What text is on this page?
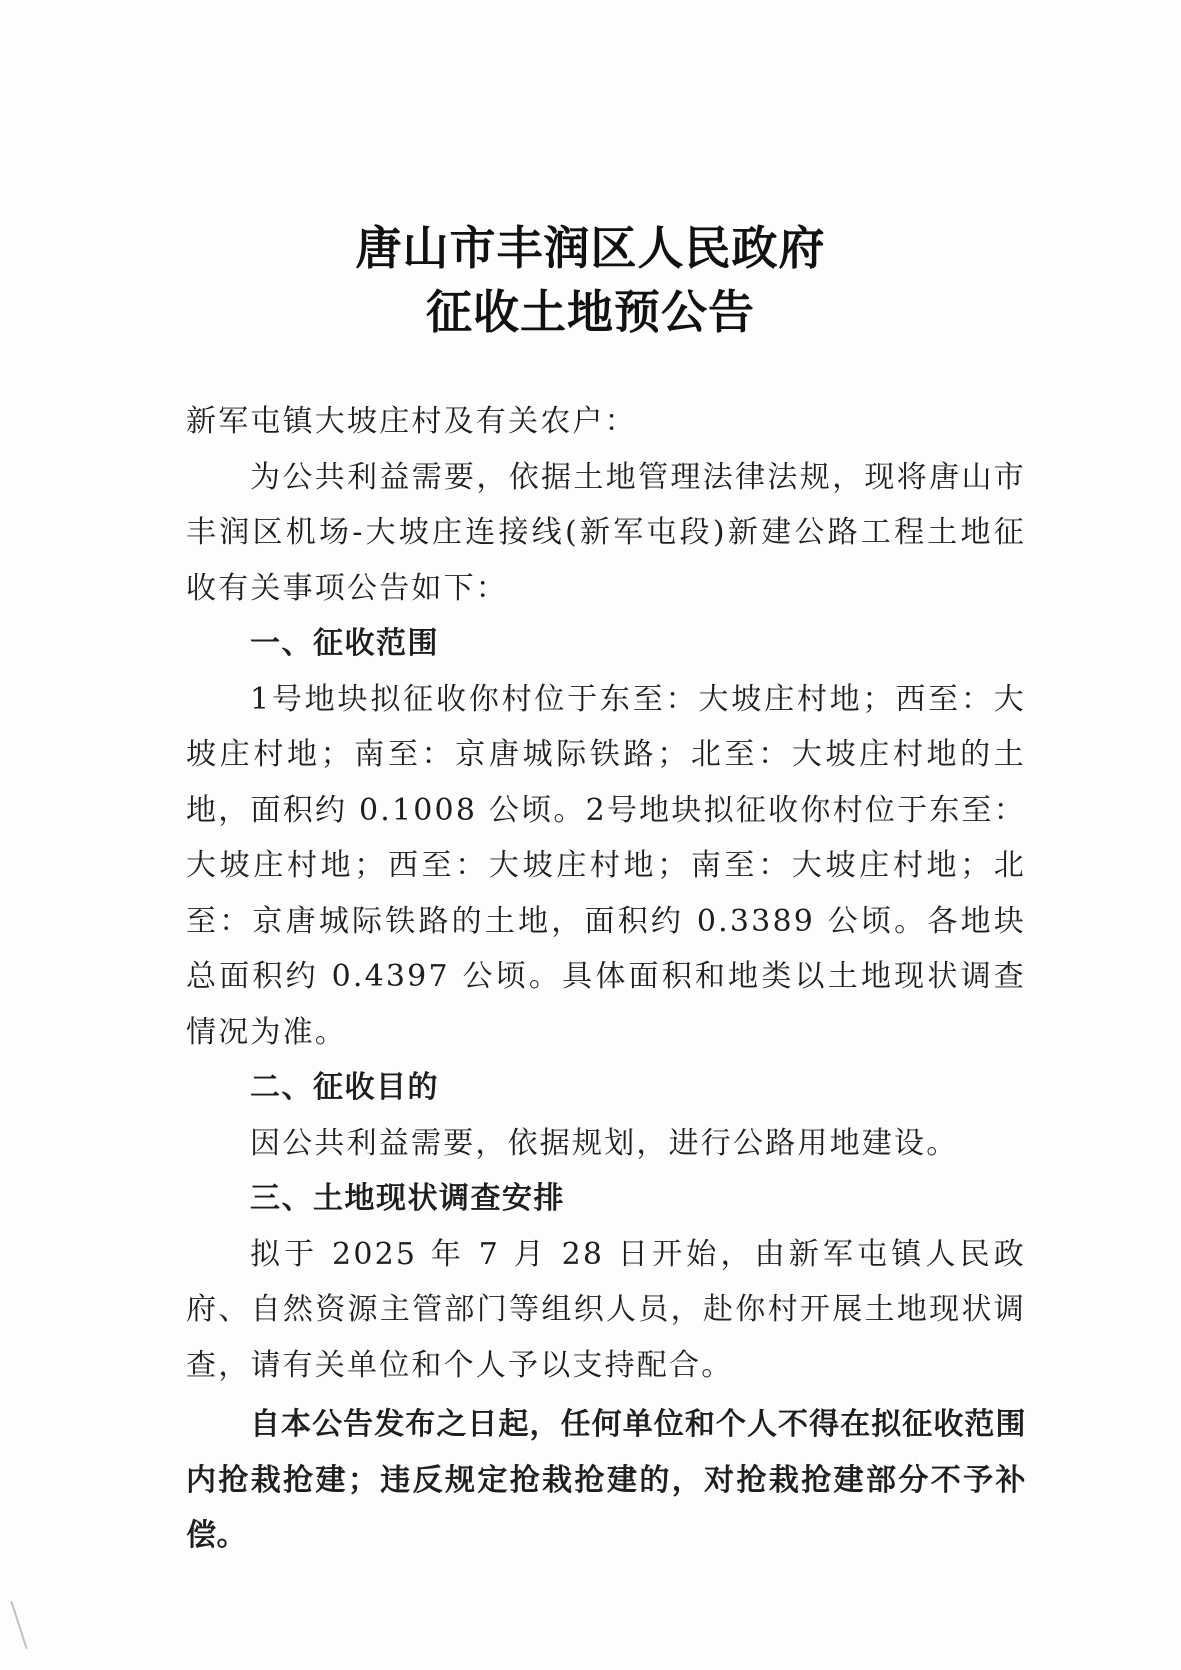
唐山市丰润区人民政府
征收土地预公告

新军屯镇大坡庄村及有关农户：

为公共利益需要，依据土地管理法律法规，现将唐山市丰润区机场-大坡庄连接线(新军屯段)新建公路工程土地征收有关事项公告如下：

一、征收范围

1号地块拟征收你村位于东至：大坡庄村地；西至：大坡庄村地；南至：京唐城际铁路；北至：大坡庄村地的土地，面积约 0.1008 公顷。2号地块拟征收你村位于东至：大坡庄村地；西至：大坡庄村地；南至：大坡庄村地；北至：京唐城际铁路的土地，面积约 0.3389 公顷。各地块总面积约 0.4397 公顷。具体面积和地类以土地现状调查情况为准。

二、征收目的

因公共利益需要，依据规划，进行公路用地建设。

三、土地现状调查安排

拟于 2025 年 7 月 28 日开始，由新军屯镇人民政府、自然资源主管部门等组织人员，赴你村开展土地现状调查，请有关单位和个人予以支持配合。

自本公告发布之日起，任何单位和个人不得在拟征收范围内抢栽抢建；违反规定抢栽抢建的，对抢栽抢建部分不予补偿。
